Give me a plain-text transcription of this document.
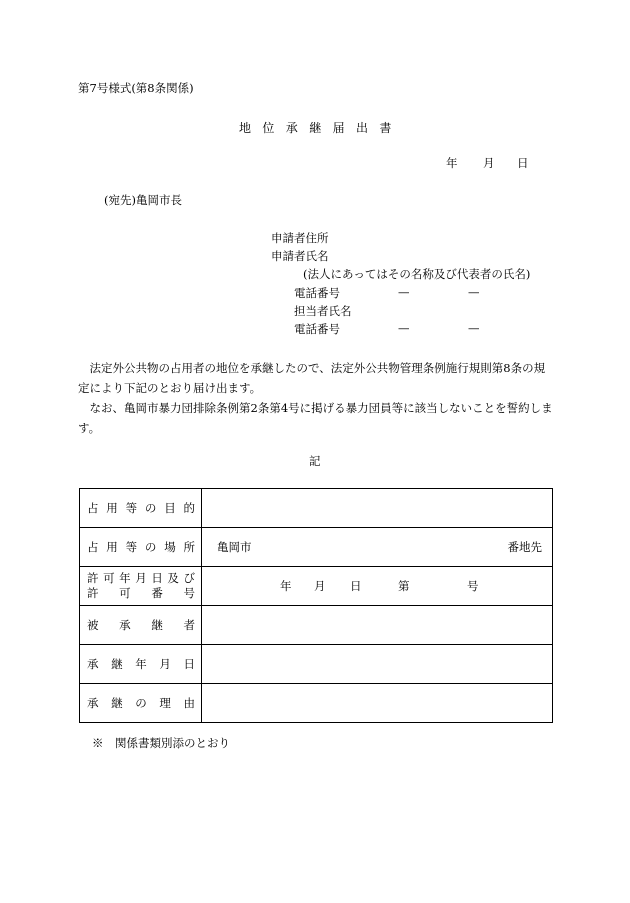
第7号様式(第8条関係)
地位承継届出書
年 月 日
(宛先)亀岡市長
申請者住所
申請者氏名
(法人にあってはその名称及び代表者の氏名)
電話番号	—	—
担当者氏名
電話番号	—	—
法定外公共物の占用者の地位を承継したので、法定外公共物管理条例施行規則第8条の規定により下記のとおり届け出ます。
なお、亀岡市暴力団排除条例第2条第4号に掲げる暴力団員等に該当しないことを誓約します。
記
占用等の目的	

占用等の場所	亀岡市 番地先

許可年月日及び
許可番号	年 月 日 第 号

被承継者	

承継年月日	

承継の理由	

※　関係書類別添のとおり
